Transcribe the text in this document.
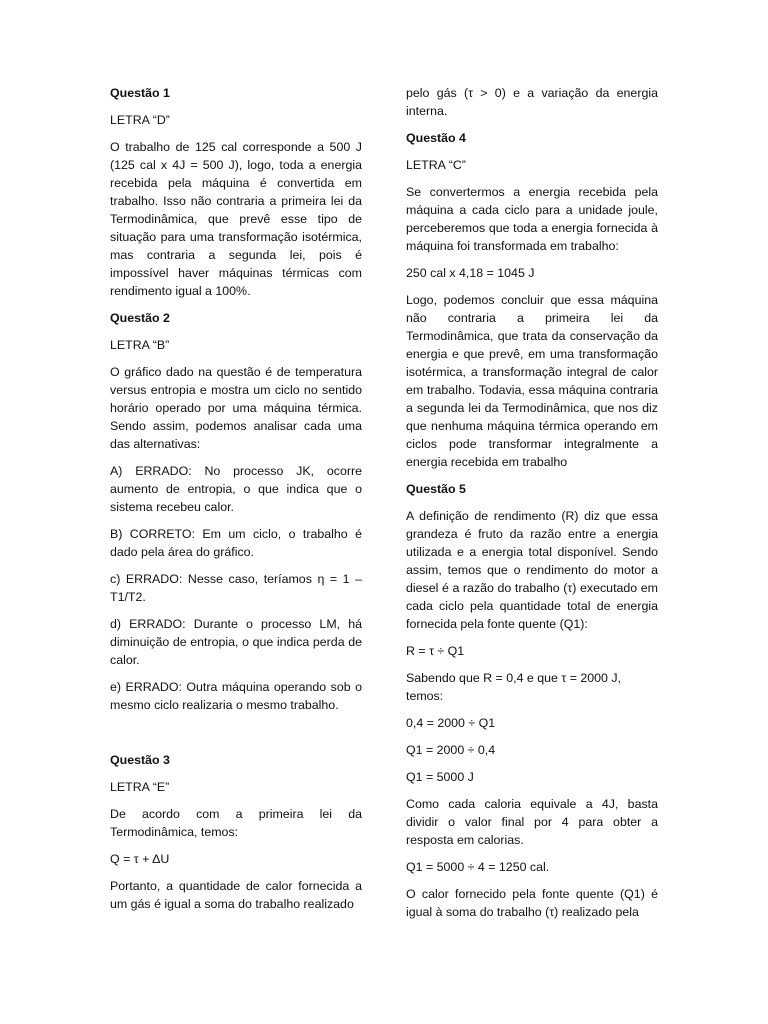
Questão 1

LETRA “D”

O trabalho de 125 cal corresponde a 500 J (125 cal x 4J = 500 J), logo, toda a energia recebida pela máquina é convertida em trabalho. Isso não contraria a primeira lei da Termodinâmica, que prevê esse tipo de situação para uma transformação isotérmica, mas contraria a segunda lei, pois é impossível haver máquinas térmicas com rendimento igual a 100%.

Questão 2

LETRA “B”

O gráfico dado na questão é de temperatura versus entropia e mostra um ciclo no sentido horário operado por uma máquina térmica. Sendo assim, podemos analisar cada uma das alternativas:

A) ERRADO: No processo JK, ocorre aumento de entropia, o que indica que o sistema recebeu calor.

B) CORRETO: Em um ciclo, o trabalho é dado pela área do gráfico.

c) ERRADO: Nesse caso, teríamos η = 1 – T1/T2.

d) ERRADO: Durante o processo LM, há diminuição de entropia, o que indica perda de calor.

e) ERRADO: Outra máquina operando sob o mesmo ciclo realizaria o mesmo trabalho.

Questão 3

LETRA “E”

De acordo com a primeira lei da Termodinâmica, temos:

Q = τ + ΔU

Portanto, a quantidade de calor fornecida a um gás é igual a soma do trabalho realizado

pelo gás (τ > 0) e a variação da energia interna.

Questão 4

LETRA “C”

Se convertermos a energia recebida pela máquina a cada ciclo para a unidade joule, perceberemos que toda a energia fornecida à máquina foi transformada em trabalho:

250 cal x 4,18 = 1045 J

Logo, podemos concluir que essa máquina não contraria a primeira lei da Termodinâmica, que trata da conservação da energia e que prevê, em uma transformação isotérmica, a transformação integral de calor em trabalho. Todavia, essa máquina contraria a segunda lei da Termodinâmica, que nos diz que nenhuma máquina térmica operando em ciclos pode transformar integralmente a energia recebida em trabalho

Questão 5

A definição de rendimento (R) diz que essa grandeza é fruto da razão entre a energia utilizada e a energia total disponível. Sendo assim, temos que o rendimento do motor a diesel é a razão do trabalho (τ) executado em cada ciclo pela quantidade total de energia fornecida pela fonte quente (Q1):

R = τ ÷ Q1

Sabendo que R = 0,4 e que τ = 2000 J, temos:

0,4 = 2000 ÷ Q1

Q1 = 2000 ÷ 0,4

Q1 = 5000 J

Como cada caloria equivale a 4J, basta dividir o valor final por 4 para obter a resposta em calorias.

Q1 = 5000 ÷ 4 = 1250 cal.

O calor fornecido pela fonte quente (Q1) é igual à soma do trabalho (τ) realizado pela
